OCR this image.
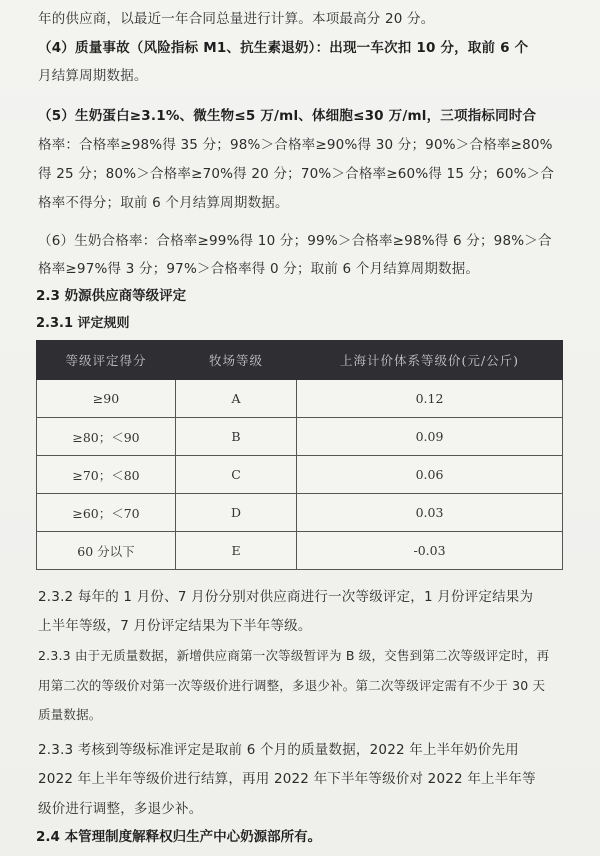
年的供应商，以最近一年合同总量进行计算。本项最高分 20 分。
（4）质量事故（风险指标 M1、抗生素退奶）：出现一车次扣 10 分，取前 6 个
月结算周期数据。
（5）生奶蛋白≥3.1%、微生物≤5 万/ml、体细胞≤30 万/ml，三项指标同时合
格率：合格率≥98%得 35 分；98%＞合格率≥90%得 30 分；90%＞合格率≥80%
得 25 分；80%＞合格率≥70%得 20 分；70%＞合格率≥60%得 15 分；60%＞合
格率不得分；取前 6 个月结算周期数据。
（6）生奶合格率：合格率≥99%得 10 分；99%＞合格率≥98%得 6 分；98%＞合
格率≥97%得 3 分；97%＞合格率得 0 分；取前 6 个月结算周期数据。
2.3 奶源供应商等级评定
2.3.1 评定规则
等级评定得分	牧场等级	上海计价体系等级价(元/公斤)
≥90	A	0.12
≥80；＜90	B	0.09
≥70；＜80	C	0.06
≥60；＜70	D	0.03
60 分以下	E	-0.03
2.3.2 每年的 1 月份、7 月份分别对供应商进行一次等级评定，1 月份评定结果为
上半年等级，7 月份评定结果为下半年等级。
2.3.3 由于无质量数据，新增供应商第一次等级暂评为 B 级，交售到第二次等级评定时，再
用第二次的等级价对第一次等级价进行调整，多退少补。第二次等级评定需有不少于 30 天
质量数据。
2.3.3 考核到等级标准评定是取前 6 个月的质量数据，2022 年上半年奶价先用
2022 年上半年等级价进行结算，再用 2022 年下半年等级价对 2022 年上半年等
级价进行调整，多退少补。
2.4 本管理制度解释权归生产中心奶源部所有。
